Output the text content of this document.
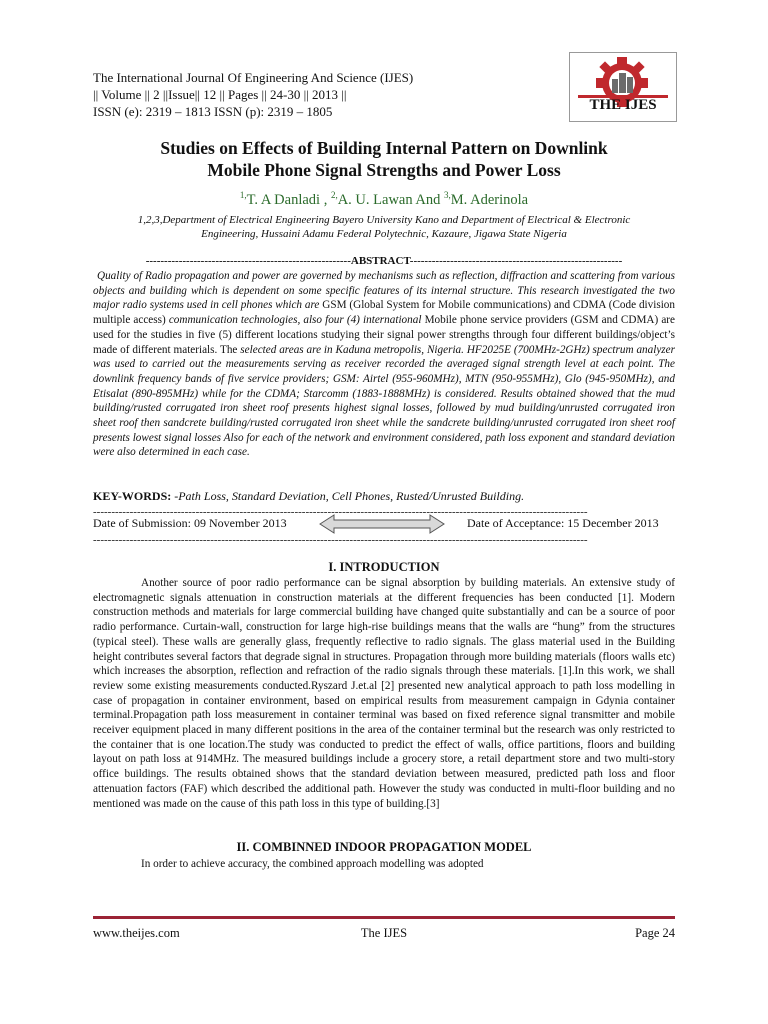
The International Journal Of Engineering And Science (IJES)
|| Volume || 2 ||Issue|| 12 || Pages || 24-30 || 2013 ||
ISSN (e): 2319 – 1813 ISSN (p): 2319 – 1805	THE IJES
Studies on Effects of Building Internal Pattern on Downlink
Mobile Phone Signal Strengths and Power Loss
$^{1,}$T. A Danladi , $^{2,}$A. U. Lawan And $^{3,}$M. Aderinola
1,2,3,Department of Electrical Engineering Bayero University Kano and Department of Electrical & Electronic
Engineering, Hussaini Adamu Federal Polytechnic, Kazaure, Jigawa State Nigeria
--------------------------------------------------------ABSTRACT----------------------------------------------------------
Quality of Radio propagation and power are governed by mechanisms such as reflection, diffraction and scattering from various objects and building which is dependent on some specific features of its internal structure. This research investigated the two major radio systems used in cell phones which are GSM (Global System for Mobile communications) and CDMA (Code division multiple access) communication technologies, also four (4) international Mobile phone service providers (GSM and CDMA) are used for the studies in five (5) different locations studying their signal power strengths through four different buildings/object’s made of different materials. The selected areas are in Kaduna metropolis, Nigeria. HF2025E (700MHz-2GHz) spectrum analyzer was used to carried out the measurements serving as receiver recorded the averaged signal strength level at each point. The downlink frequency bands of five service providers; GSM: Airtel (955-960MHz), MTN (950-955MHz), Glo (945-950MHz), and Etisalat (890-895MHz) while for the CDMA; Starcomm (1883-1888MHz) is considered. Results obtained showed that the mud building/rusted corrugated iron sheet roof presents highest signal losses, followed by mud building/unrusted corrugated iron sheet roof then sandcrete building/rusted corrugated iron sheet while the sandcrete building/unrusted corrugated iron sheet roof presents lowest signal losses Also for each of the network and environment considered, path loss exponent and standard deviation were also determined in each case.
KEY-WORDS: -Path Loss, Standard Deviation, Cell Phones, Rusted/Unrusted Building.
---------------------------------------------------------------------------------------------------------------------------------------
Date of Submission: 09 November 2013	Date of Acceptance: 15 December 2013
---------------------------------------------------------------------------------------------------------------------------------------
I. INTRODUCTION
Another source of poor radio performance can be signal absorption by building materials. An extensive study of electromagnetic signals attenuation in construction materials at the different frequencies has been conducted [1]. Modern construction methods and materials for large commercial building have changed quite substantially and can be a source of poor radio performance. Curtain-wall, construction for large high-rise buildings means that the walls are “hung” from the structures (typical steel). These walls are generally glass, frequently reflective to radio signals. The glass material used in the Building height contributes several factors that degrade signal in structures. Propagation through more building materials (floors walls etc) which increases the absorption, reflection and refraction of the radio signals through these materials. [1].In this work, we shall review some existing measurements conducted.Ryszard J.et.al [2] presented new analytical approach to path loss modelling in case of propagation in container environment, based on empirical results from measurement campaign in Gdynia container terminal.Propagation path loss measurement in container terminal was based on fixed reference signal transmitter and mobile receiver equipment placed in many different positions in the area of the container terminal but the research was only restricted to the container that is one location.The study was conducted to predict the effect of walls, office partitions, floors and building layout on path loss at 914MHz. The measured buildings include a grocery store, a retail department store and two multi-story office buildings. The results obtained shows that the standard deviation between measured, predicted path loss and floor attenuation factors (FAF) which described the additional path. However the study was conducted in multi-floor building and no mentioned was made on the cause of this path loss in this type of building.[3]
II. COMBINNED INDOOR PROPAGATION MODEL
In order to achieve accuracy, the combined approach modelling was adopted
www.theijes.com	The IJES	Page 24
